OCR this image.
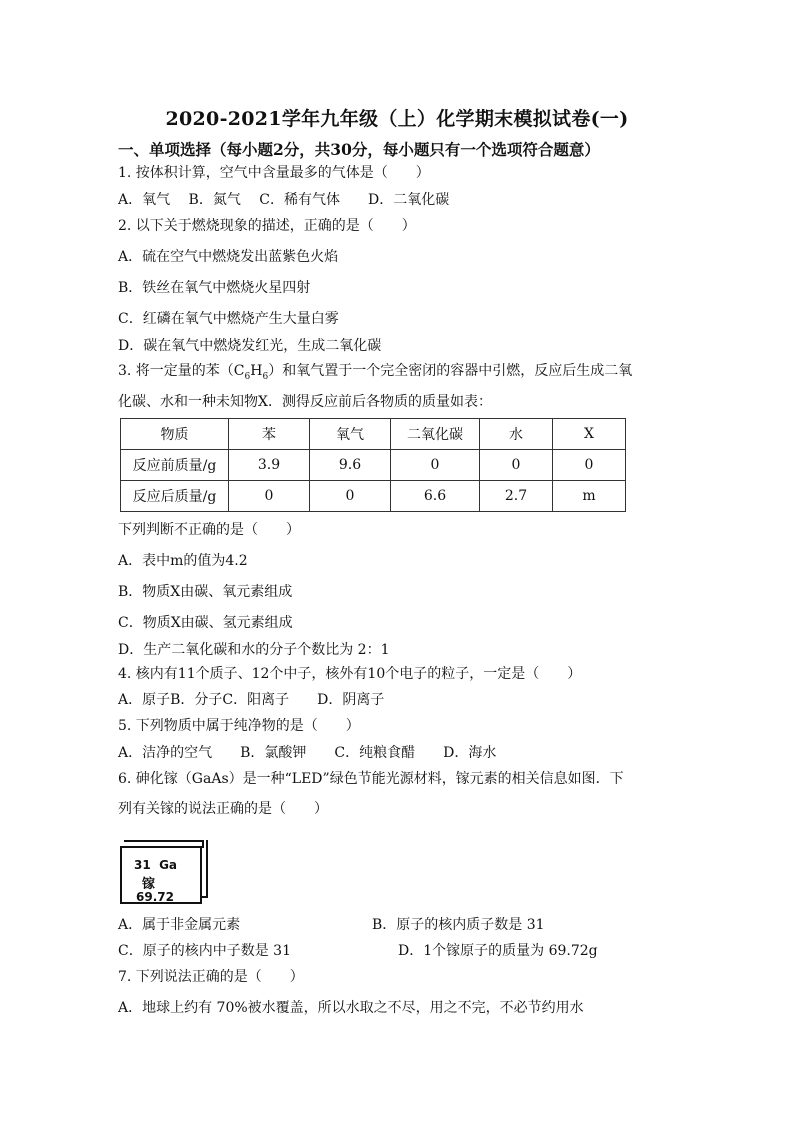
2020-2021学年九年级（上）化学期末模拟试卷(一)
一、单项选择（每小题2分，共30分，每小题只有一个选项符合题意）
1. 按体积计算，空气中含量最多的气体是（　　）
A．氧气　 B．氮气　 C．稀有气体　　D．二氧化碳
2. 以下关于燃烧现象的描述，正确的是（　　）
A．硫在空气中燃烧发出蓝紫色火焰
B．铁丝在氧气中燃烧火星四射
C．红磷在氧气中燃烧产生大量白雾
D．碳在氧气中燃烧发红光，生成二氧化碳
3. 将一定量的苯$(C_6H_6)$和氧气置于一个完全密闭的容器中引燃，反应后生成二氧
化碳、水和一种未知物X．测得反应前后各物质的质量如表：
物质	苯	氧气	二氧化碳	水	X
反应前质量/g	3.9	9.6	0	0	0
反应后质量/g	0	0	6.6	2.7	m
下列判断不正确的是（　　）
A．表中m的值为4.2
B．物质X由碳、氧元素组成
C．物质X由碳、氢元素组成
D．生产二氧化碳和水的分子个数比为 2：1
4. 核内有11个质子、12个中子，核外有10个电子的粒子，一定是（　　）
A．原子B．分子C．阳离子　　D．阴离子
5. 下列物质中属于纯净物的是（　　）
A．洁净的空气　　B．氯酸钾　　C．纯粮食醋　　D．海水
6. 砷化镓（GaAs）是一种“LED”绿色节能光源材料，镓元素的相关信息如图．下
列有关镓的说法正确的是（　　）
31 Ga
镓
69.72
A．属于非金属元素	B．原子的核内质子数是 31
C．原子的核内中子数是 31	D．1个镓原子的质量为 69.72g
7. 下列说法正确的是（　　）
A．地球上约有 70%被水覆盖，所以水取之不尽，用之不完，不必节约用水
